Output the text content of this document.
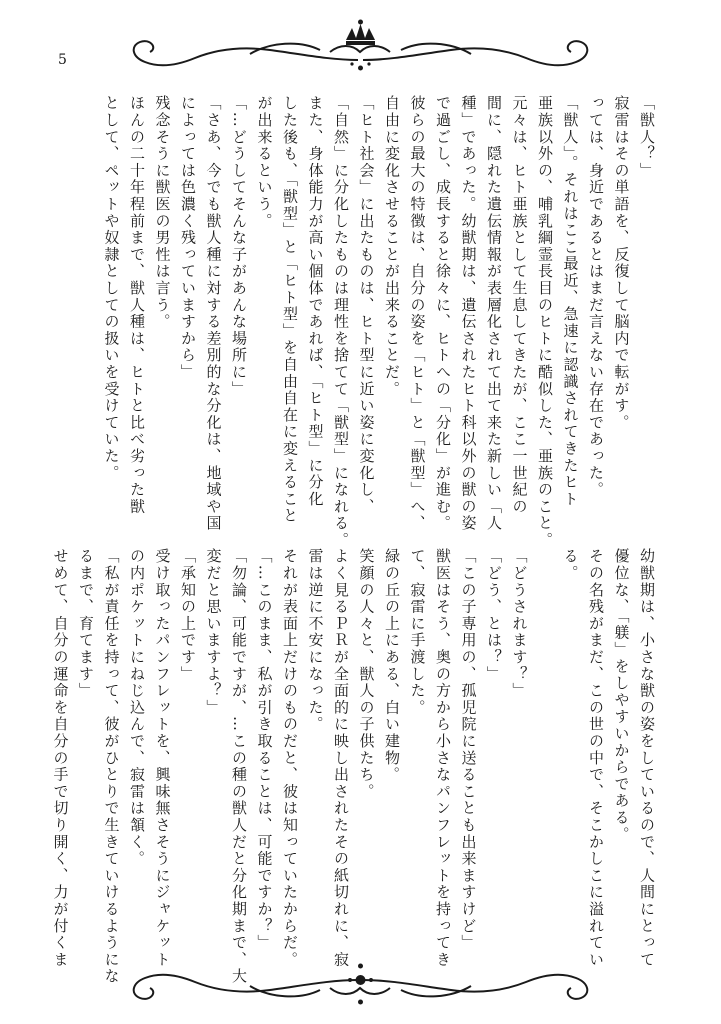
5
「獣人？」
寂雷はその単語を、反復して脳内で転がす。
っては、身近であるとはまだ言えない存在であった。
「獣人」。それはここ最近、急速に認識されてきたヒト
亜族以外の、哺乳綱霊長目のヒトに酷似した、亜族のこと。
元々は、ヒト亜族として生息してきたが、ここ一世紀の
間に、隠れた遺伝情報が表層化されて出て来た新しい「人
種」であった。幼獣期は、遺伝されたヒト科以外の獣の姿
で過ごし、成長すると徐々に、ヒトへの「分化」が進む。
彼らの最大の特徴は、自分の姿を「ヒト」と「獣型」へ、
自由に変化させることが出来ることだ。
「ヒト社会」に出たものは、ヒト型に近い姿に変化し、
「自然」に分化したものは理性を捨てて「獣型」になれる。
また、身体能力が高い個体であれば、「ヒト型」に分化
した後も、「獣型」と「ヒト型」を自由自在に変えること
が出来るという。
「…どうしてそんな子があんな場所に」
「さあ、今でも獣人種に対する差別的な分化は、地域や国
によっては色濃く残っていますから」
残念そうに獣医の男性は言う。
ほんの二十年程前まで、獣人種は、ヒトと比べ劣った獣
として、ペットや奴隷としての扱いを受けていた。
幼獣期は、小さな獣の姿をしているので、人間にとって
優位な、「躾」をしやすいからである。
その名残がまだ、この世の中で、そこかしこに溢れてい
る。
「どうされます？」
「どう、とは？」
「この子専用の、孤児院に送ることも出来ますけど」
獣医はそう、奥の方から小さなパンフレットを持ってき
て、寂雷に手渡した。
緑の丘の上にある、白い建物。
笑顔の人々と、獣人の子供たち。
よく見るＰＲが全面的に映し出されたその紙切れに、寂
雷は逆に不安になった。
それが表面上だけのものだと、彼は知っていたからだ。
「…このまま、私が引き取ることは、可能ですか？」
「勿論、可能ですが、…この種の獣人だと分化期まで、大
変だと思いますよ？」
「承知の上です」
受け取ったパンフレットを、興味無さそうにジャケット
の内ポケットにねじ込んで、寂雷は頷く。
「私が責任を持って、彼がひとりで生きていけるようにな
るまで、育てます」
せめて、自分の運命を自分の手で切り開く、力が付くま
